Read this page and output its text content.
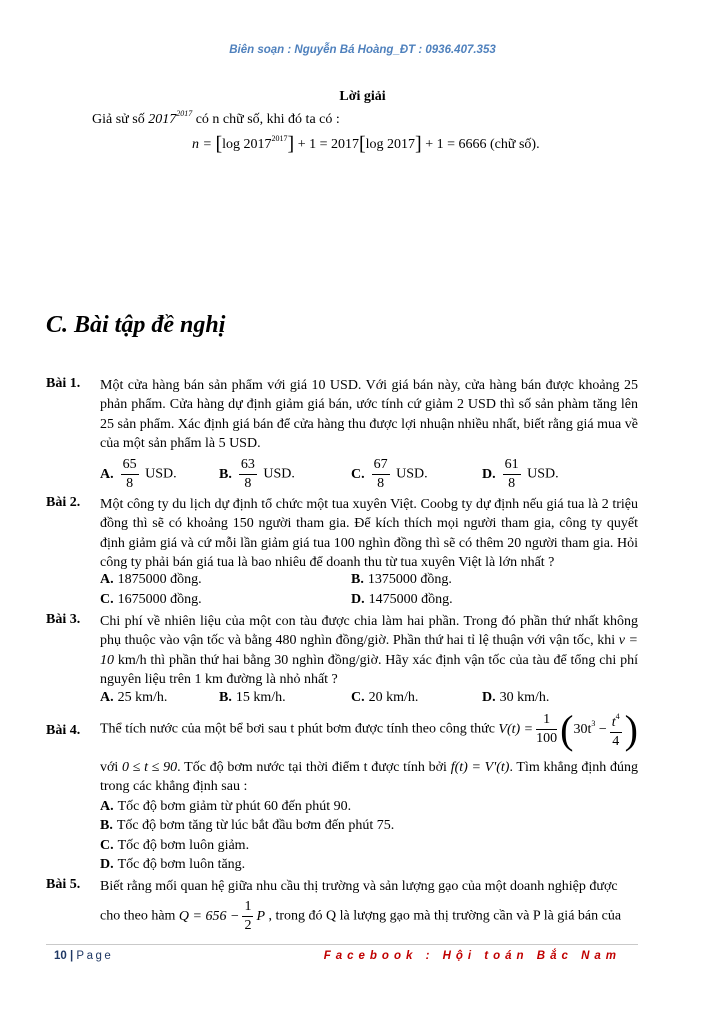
Biên soạn : Nguyễn Bá Hoàng_ĐT : 0936.407.353
Lời giải
Giả sử số $2017^{2017}$ có n chữ số, khi đó ta có :
n = [log $2017^{2017}] + 1 = 2017[\log$ 2017] + 1 = 6666 (chữ số).
C. Bài tập đề nghị
Bài 1. Một cửa hàng bán sản phẩm với giá 10 USD. Với giá bán này, cửa hàng bán được khoảng 25 phản phẩm. Cửa hàng dự định giảm giá bán, ước tính cứ giảm 2 USD thì số sản phàm tăng lên 25 sản phẩm. Xác định giá bán để cửa hàng thu được lợi nhuận nhiều nhất, biết rằng giá mua về của một sản phẩm là 5 USD.
A. $\frac{65}{8}$ USD.	B. $\frac{63}{8}$ USD.	C. $\frac{67}{8}$ USD.	D. $\frac{61}{8}$ USD.
Bài 2. Một công ty du lịch dự định tổ chức một tua xuyên Việt. Coobg ty dự định nếu giá tua là 2 triệu đồng thì sẽ có khoảng 150 người tham gia. Để kích thích mọi người tham gia, công ty quyết định giảm giá và cứ mỗi lần giảm giá tua 100 nghìn đồng thì sẽ có thêm 20 người tham gia. Hỏi công ty phải bán giá tua là bao nhiêu để doanh thu từ tua xuyên Việt là lớn nhất ?
A. 1875000 đồng.	B. 1375000 đồng.
C. 1675000 đồng.	D. 1475000 đồng.
Bài 3. Chi phí về nhiên liệu của một con tàu được chia làm hai phần. Trong đó phần thứ nhất không phụ thuộc vào vận tốc và bằng 480 nghìn đồng/giờ. Phần thứ hai tỉ lệ thuận với vận tốc, khi v = 10 km/h thì phần thứ hai bằng 30 nghìn đồng/giờ. Hãy xác định vận tốc của tàu để tổng chi phí nguyên liệu trên 1 km đường là nhỏ nhất ?
A. 25 km/h.	B. 15 km/h.	C. 20 km/h.	D. 30 km/h.
Bài 4. Thể tích nước của một bể bơi sau t phút bơm được tính theo công thức $V(t) = \frac{1}{100} (30t^3 - \frac{t^4}{4}$ )
với 0 ≤ t ≤ 90. Tốc độ bơm nước tại thời điểm t được tính bởi f(t) = V'(t). Tìm khẳng định đúng trong các khẳng định sau :
A. Tốc độ bơm giảm từ phút 60 đến phút 90.
B. Tốc độ bơm tăng từ lúc bắt đầu bơm đến phút 75.
C. Tốc độ bơm luôn giảm.
D. Tốc độ bơm luôn tăng.
Bài 5. Biết rằng mối quan hệ giữa nhu cầu thị trường và sản lượng gạo của một doanh nghiệp được
cho theo hàm $Q = 656 - \frac{1}{2}$ P , trong đó Q là lượng gạo mà thị trường cần và P là giá bán của
10 | Page	Facebook : Hội toán Bắc Nam
